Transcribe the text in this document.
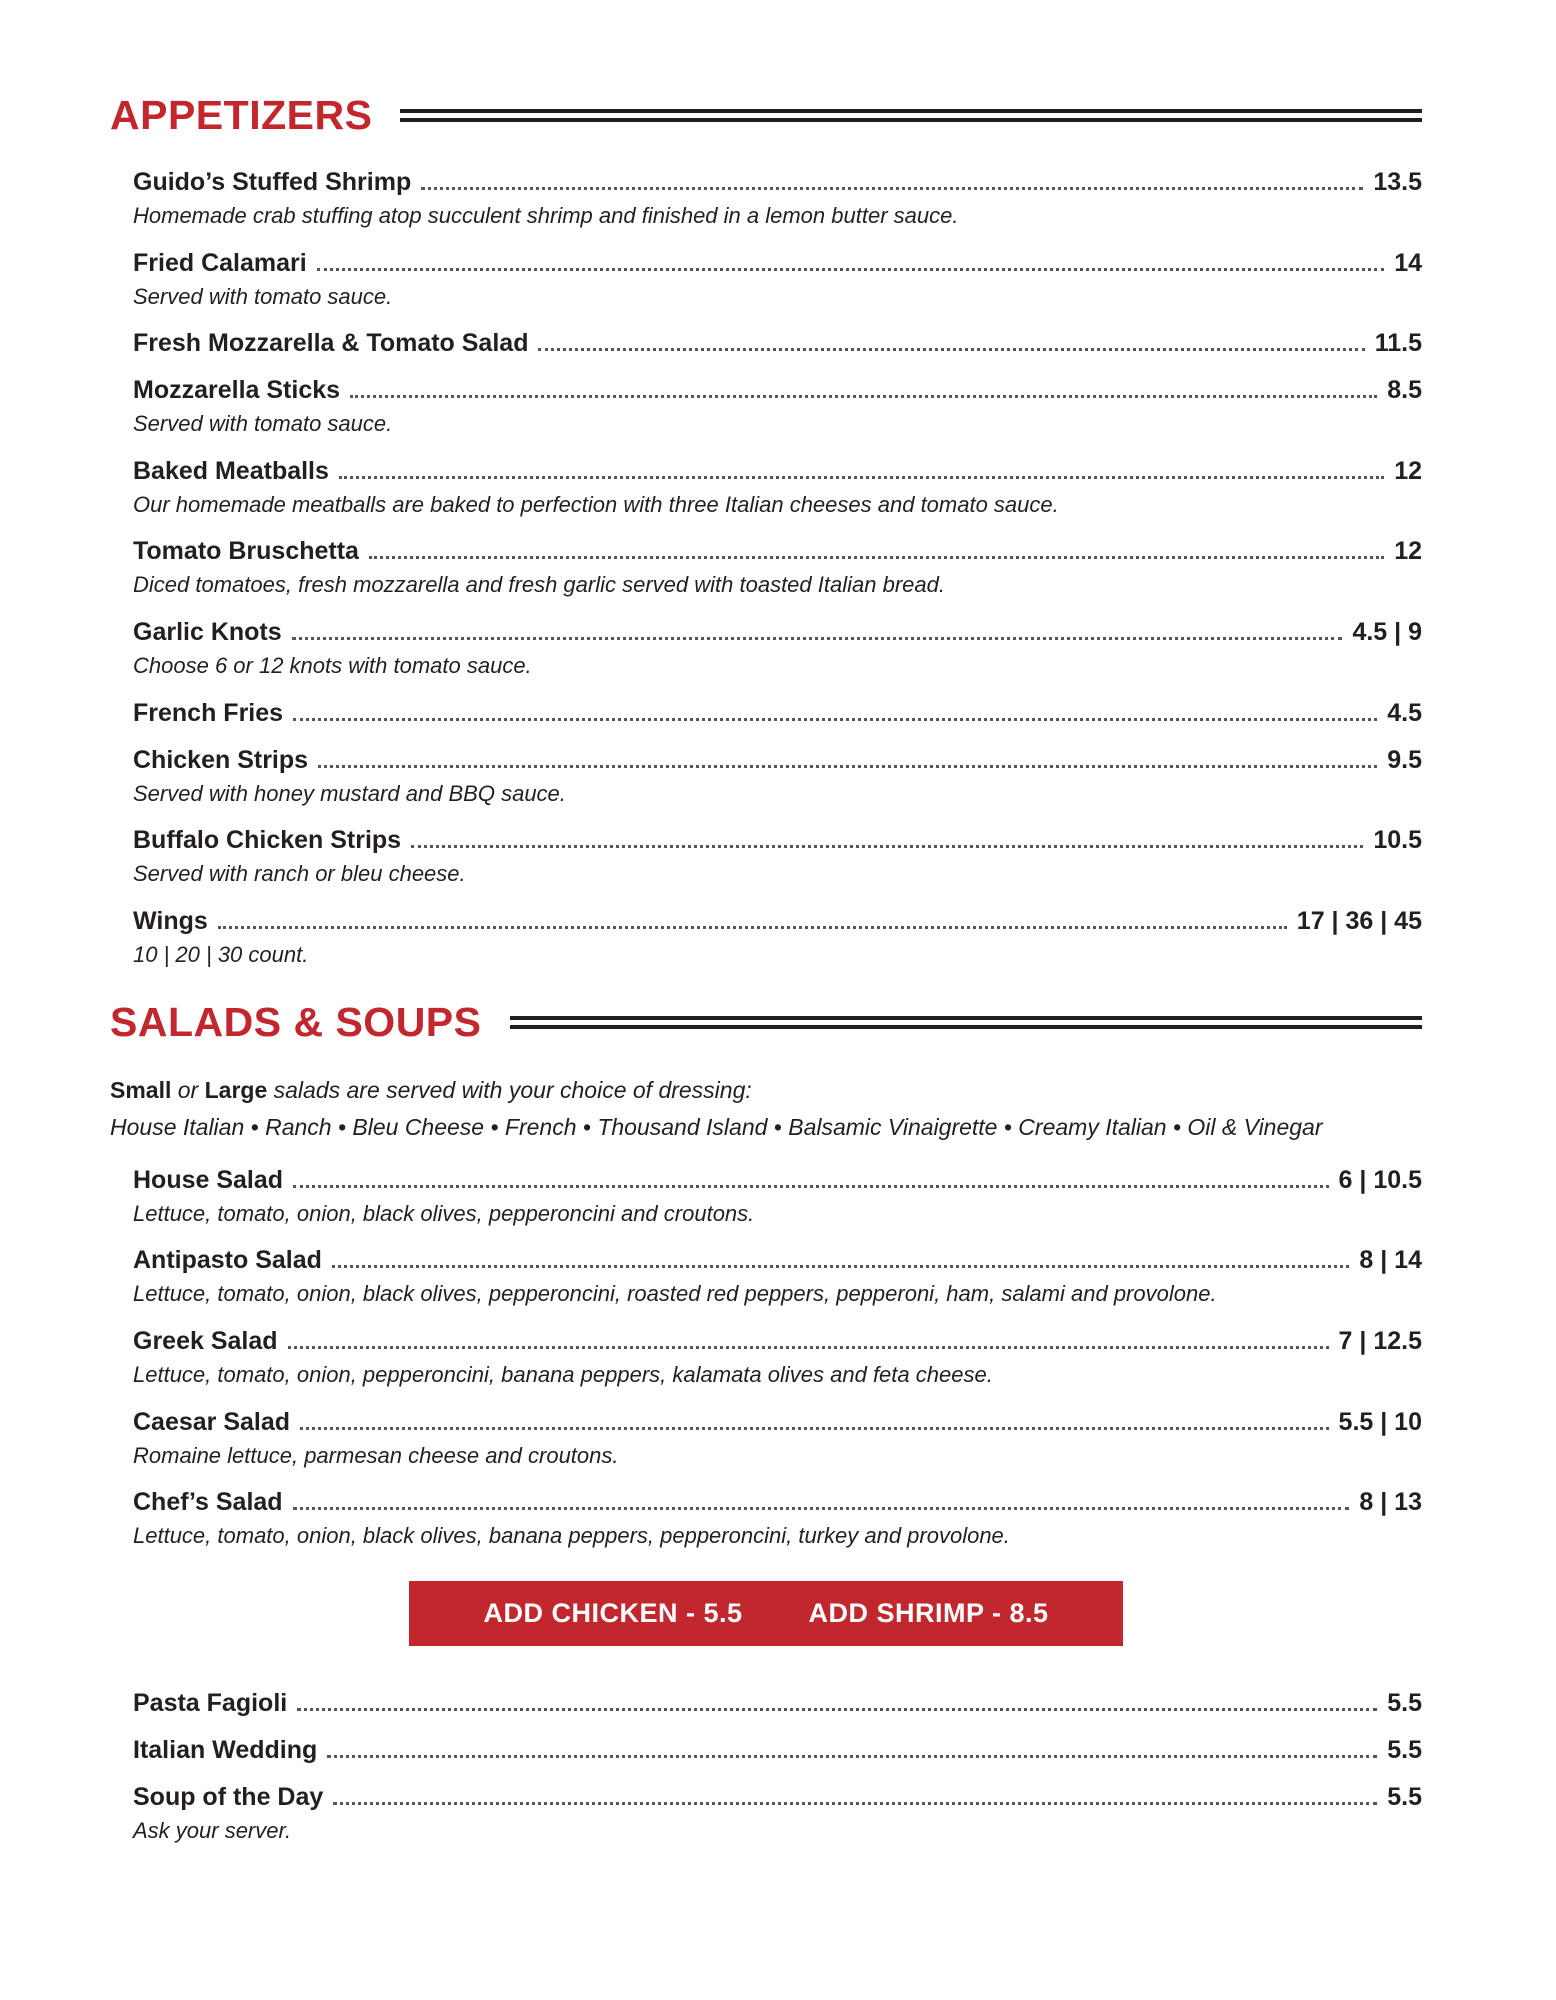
APPETIZERS
Guido’s Stuffed Shrimp	13.5
Homemade crab stuffing atop succulent shrimp and finished in a lemon butter sauce.
Fried Calamari	14
Served with tomato sauce.
Fresh Mozzarella & Tomato Salad	11.5
Mozzarella Sticks	8.5
Served with tomato sauce.
Baked Meatballs	12
Our homemade meatballs are baked to perfection with three Italian cheeses and tomato sauce.
Tomato Bruschetta	12
Diced tomatoes, fresh mozzarella and fresh garlic served with toasted Italian bread.
Garlic Knots	4.5 | 9
Choose 6 or 12 knots with tomato sauce.
French Fries	4.5
Chicken Strips	9.5
Served with honey mustard and BBQ sauce.
Buffalo Chicken Strips	10.5
Served with ranch or bleu cheese.
Wings	17 | 36 | 45
10 | 20 | 30 count.
SALADS & SOUPS

Small or Large salads are served with your choice of dressing:

House Italian • Ranch • Bleu Cheese • French • Thousand Island • Balsamic Vinaigrette • Creamy Italian • Oil & Vinegar

House Salad	6 | 10.5
Lettuce, tomato, onion, black olives, pepperoncini and croutons.
Antipasto Salad	8 | 14
Lettuce, tomato, onion, black olives, pepperoncini, roasted red peppers, pepperoni, ham, salami and provolone.
Greek Salad	7 | 12.5
Lettuce, tomato, onion, pepperoncini, banana peppers, kalamata olives and feta cheese.
Caesar Salad	5.5 | 10
Romaine lettuce, parmesan cheese and croutons.
Chef’s Salad	8 | 13
Lettuce, tomato, onion, black olives, banana peppers, pepperoncini, turkey and provolone.
ADD CHICKEN - 5.5 ADD SHRIMP - 8.5
Pasta Fagioli	5.5
Italian Wedding	5.5
Soup of the Day	5.5
Ask your server.
